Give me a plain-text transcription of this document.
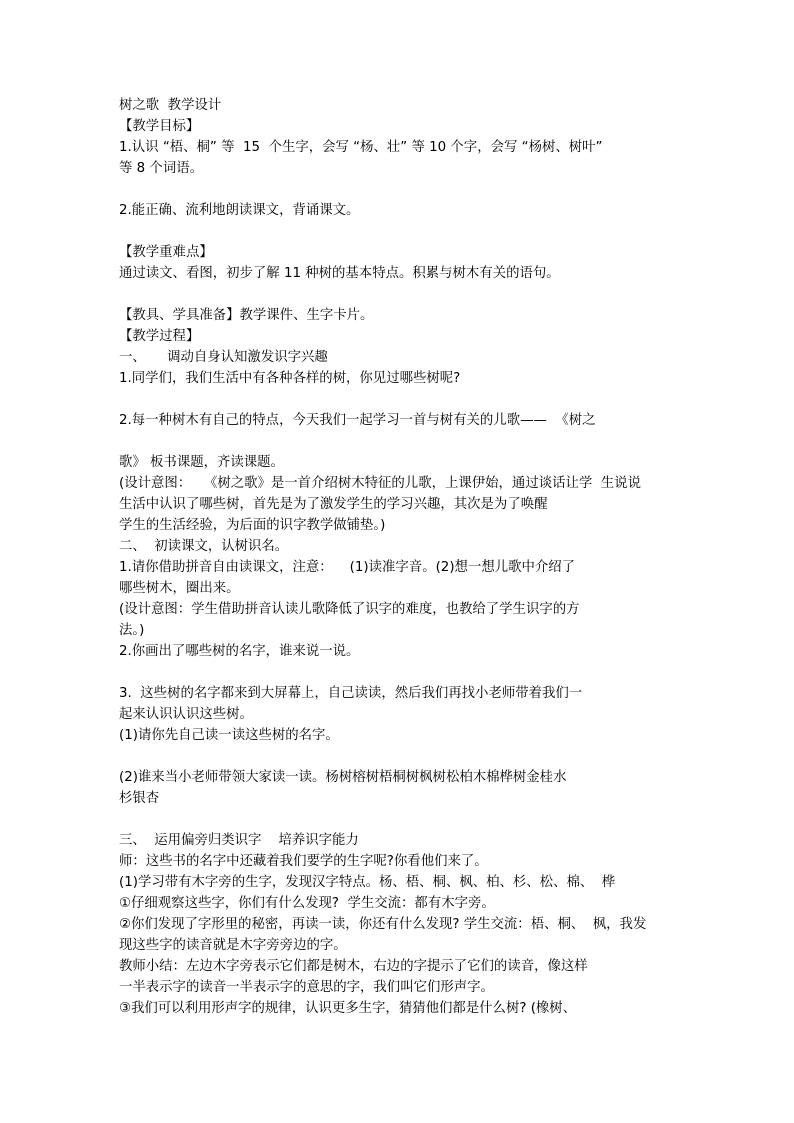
树之歌  教学设计

【教学目标】

1.认识 “梧、桐” 等  15  个生字，会写 “杨、壮” 等 10 个字，会写 “杨树、树叶”

等 8 个词语。

2.能正确、流利地朗读课文，背诵课文。

【教学重难点】

通过读文、看图，初步了解 11 种树的基本特点。积累与树木有关的语句。

【教具、学具准备】教学课件、生字卡片。

【教学过程】

一、     调动自身认知激发识字兴趣

1.同学们，我们生活中有各种各样的树，你见过哪些树呢?

2.每一种树木有自己的特点，今天我们一起学习一首与树有关的儿歌——  《树之

歌》 板书课题，齐读课题。

(设计意图：   《树之歌》是一首介绍树木特征的儿歌，上课伊始，通过谈话让学  生说说

生活中认识了哪些树，首先是为了激发学生的学习兴趣，其次是为了唤醒

学生的生活经验，为后面的识字教学做铺垫。)

二、  初读课文，认树识名。

1.请你借助拼音自由读课文，注意：    (1)读准字音。(2)想一想儿歌中介绍了

哪些树木，圈出来。

(设计意图：学生借助拼音认读儿歌降低了识字的难度，也教给了学生识字的方

法。)

2.你画出了哪些树的名字，谁来说一说。

3.  这些树的名字都来到大屏幕上，自己读读，然后我们再找小老师带着我们一

起来认识认识这些树。

(1)请你先自己读一读这些树的名字。

(2)谁来当小老师带领大家读一读。杨树榕树梧桐树枫树松柏木棉桦树金桂水

杉银杏

三、  运用偏旁归类识字    培养识字能力

师：这些书的名字中还藏着我们要学的生字呢?你看他们来了。

(1)学习带有木字旁的生字，发现汉字特点。杨、梧、桐、枫、柏、杉、松、棉、  桦

①仔细观察这些字，你们有什么发现?  学生交流：都有木字旁。

②你们发现了字形里的秘密，再读一读，你还有什么发现? 学生交流：梧、桐、  枫，我发

现这些字的读音就是木字旁旁边的字。

教师小结：左边木字旁表示它们都是树木，右边的字提示了它们的读音，像这样

一半表示字的读音一半表示字的意思的字，我们叫它们形声字。

③我们可以利用形声字的规律，认识更多生字，猜猜他们都是什么树? (橡树、
